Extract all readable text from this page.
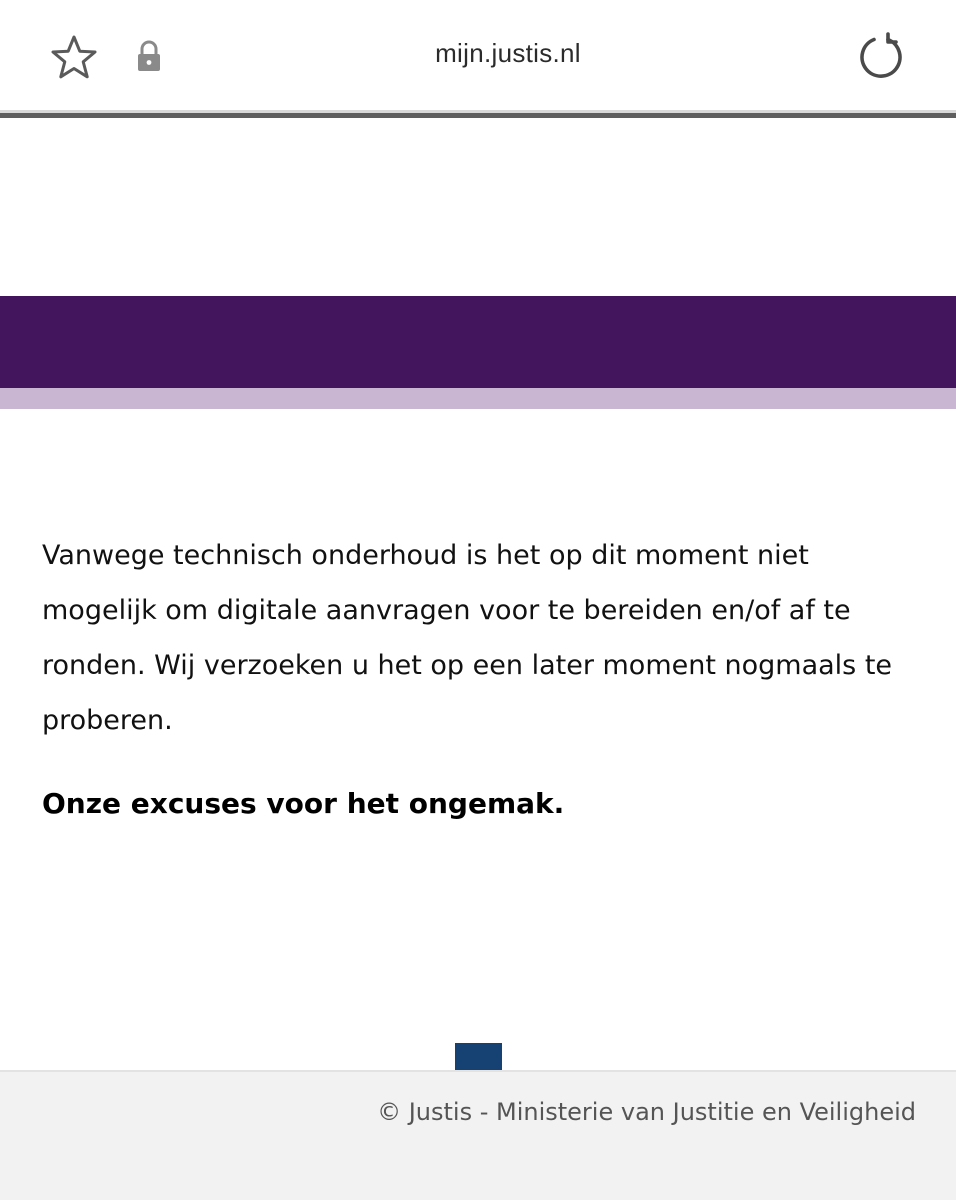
mijn.justis.nl

Vanwege technisch onderhoud is het op dit moment niet mogelijk om digitale aanvragen voor te bereiden en/of af te ronden. Wij verzoeken u het op een later moment nogmaals te proberen.

Onze excuses voor het ongemak.

© Justis - Ministerie van Justitie en Veiligheid
